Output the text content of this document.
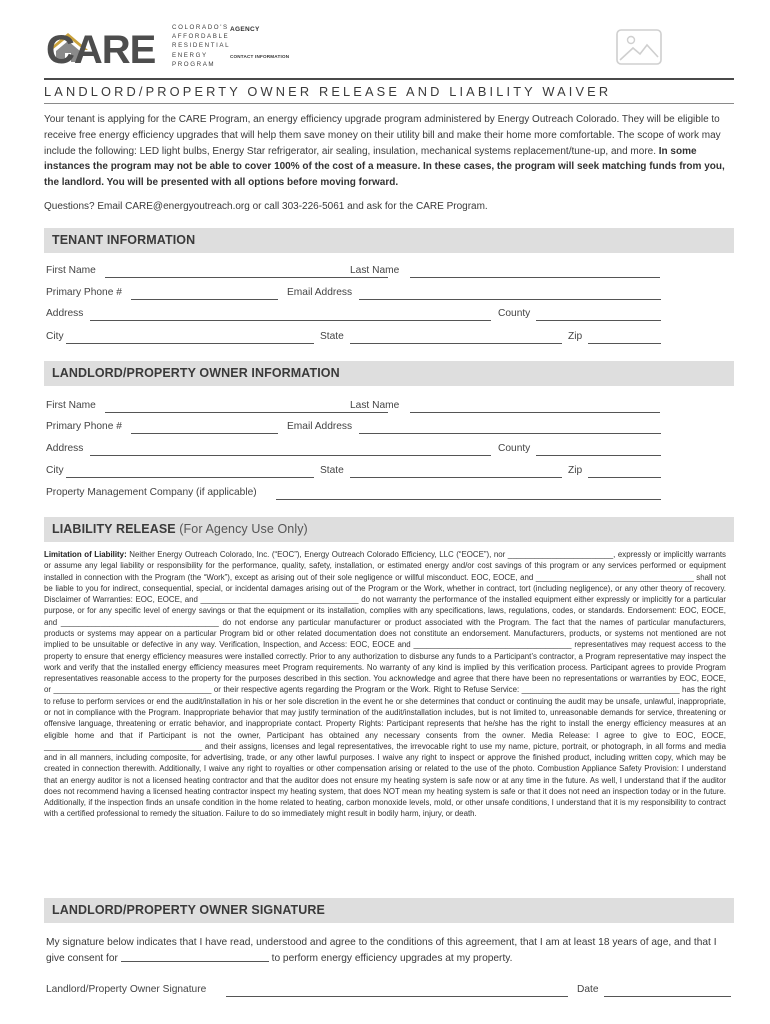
CARE
COLORADO'S
AFFORDABLE
RESIDENTIAL
ENERGY
PROGRAM
AGENCY
CONTACT INFORMATION
LANDLORD/PROPERTY OWNER RELEASE AND LIABILITY WAIVER
Your tenant is applying for the CARE Program, an energy efficiency upgrade program administered by Energy Outreach Colorado. They will be eligible to receive free energy efficiency upgrades that will help them save money on their utility bill and make their home more comfortable. The scope of work may include the following: LED light bulbs, Energy Star refrigerator, air sealing, insulation, mechanical systems replacement/tune-up, and more. In some instances the program may not be able to cover 100% of the cost of a measure. In these cases, the program will seek matching funds from you, the landlord. You will be presented with all options before moving forward.
Questions? Email CARE@energyoutreach.org or call 303-226-5061 and ask for the CARE Program.
TENANT INFORMATION
First Name	Last Name
Primary Phone #	Email Address
Address	County
City	State	Zip
LANDLORD/PROPERTY OWNER INFORMATION
First Name	Last Name
Primary Phone #	Email Address
Address	County
City	State	Zip
Property Management Company (if applicable)
LIABILITY RELEASE (For Agency Use Only)
Limitation of Liability: Neither Energy Outreach Colorado, Inc. (“EOC”), Energy Outreach Colorado Efficiency, LLC (“EOCE”), nor ________________________, expressly or implicitly warrants or assume any legal liability or responsibility for the performance, quality, safety, installation, or estimated energy and/or cost savings of this program or any services performed or equipment installed in connection with the Program (the “Work”), except as arising out of their sole negligence or willful misconduct. EOC, EOCE, and ____________________________________ shall not be liable to you for indirect, consequential, special, or incidental damages arising out of the Program or the Work, whether in contract, tort (including negligence), or any other theory of recovery. Disclaimer of Warranties: EOC, EOCE, and ____________________________________ do not warranty the performance of the installed equipment either expressly or implicitly for a particular purpose, or for any specific level of energy savings or that the equipment or its installation, complies with any specifications, laws, regulations, codes, or standards. Endorsement: EOC, EOCE, and ____________________________________ do not endorse any particular manufacturer or product associated with the Program. The fact that the names of particular manufacturers, products or systems may appear on a particular Program bid or other related documentation does not constitute an endorsement. Manufacturers, products, or systems not mentioned are not implied to be unsuitable or defective in any way. Verification, Inspection, and Access: EOC, EOCE and ____________________________________ representatives may request access to the property to ensure that energy efficiency measures were installed correctly. Prior to any authorization to disburse any funds to a Participant’s contractor, a Program representative may inspect the work and verify that the installed energy efficiency measures meet Program requirements. No warranty of any kind is implied by this verification process. Participant agrees to provide Program representatives reasonable access to the property for the purposes described in this section. You acknowledge and agree that there have been no representations or warranties by EOC, EOCE, or ____________________________________ or their respective agents regarding the Program or the Work. Right to Refuse Service: ____________________________________ has the right to refuse to perform services or end the audit/installation in his or her sole discretion in the event he or she determines that conduct or continuing the audit may be unsafe, unlawful, inappropriate, or not in compliance with the Program. Inappropriate behavior that may justify termination of the audit/installation includes, but is not limited to, unreasonable demands for service, threatening or offensive language, threatening or erratic behavior, and inappropriate contact. Property Rights: Participant represents that he/she has the right to install the energy efficiency measures at an eligible home and that if Participant is not the owner, Participant has obtained any necessary consents from the owner. Media Release: I agree to give to EOC, EOCE, ____________________________________ and their assigns, licenses and legal representatives, the irrevocable right to use my name, picture, portrait, or photograph, in all forms and media and in all manners, including composite, for advertising, trade, or any other lawful purposes. I waive any right to inspect or approve the finished product, including written copy, which may be created in connection therewith. Additionally, I waive any right to royalties or other compensation arising or related to the use of the photo. Combustion Appliance Safety Provision: I understand that an energy auditor is not a licensed heating contractor and that the auditor does not ensure my heating system is safe now or at any time in the future. As well, I understand that if the auditor does not recommend having a licensed heating contractor inspect my heating system, that does NOT mean my heating system is safe or that it does not need an inspection today or in the future. Additionally, if the inspection finds an unsafe condition in the home related to heating, carbon monoxide levels, mold, or other unsafe conditions, I understand that it is my responsibility to contract with a certified professional to remedy the situation. Failure to do so immediately might result in bodily harm, injury, or death.
LANDLORD/PROPERTY OWNER SIGNATURE
My signature below indicates that I have read, understood and agree to the conditions of this agreement, that I am at least 18 years of age, and that I give consent for	to perform energy efficiency upgrades at my property.
Landlord/Property Owner Signature	Date
